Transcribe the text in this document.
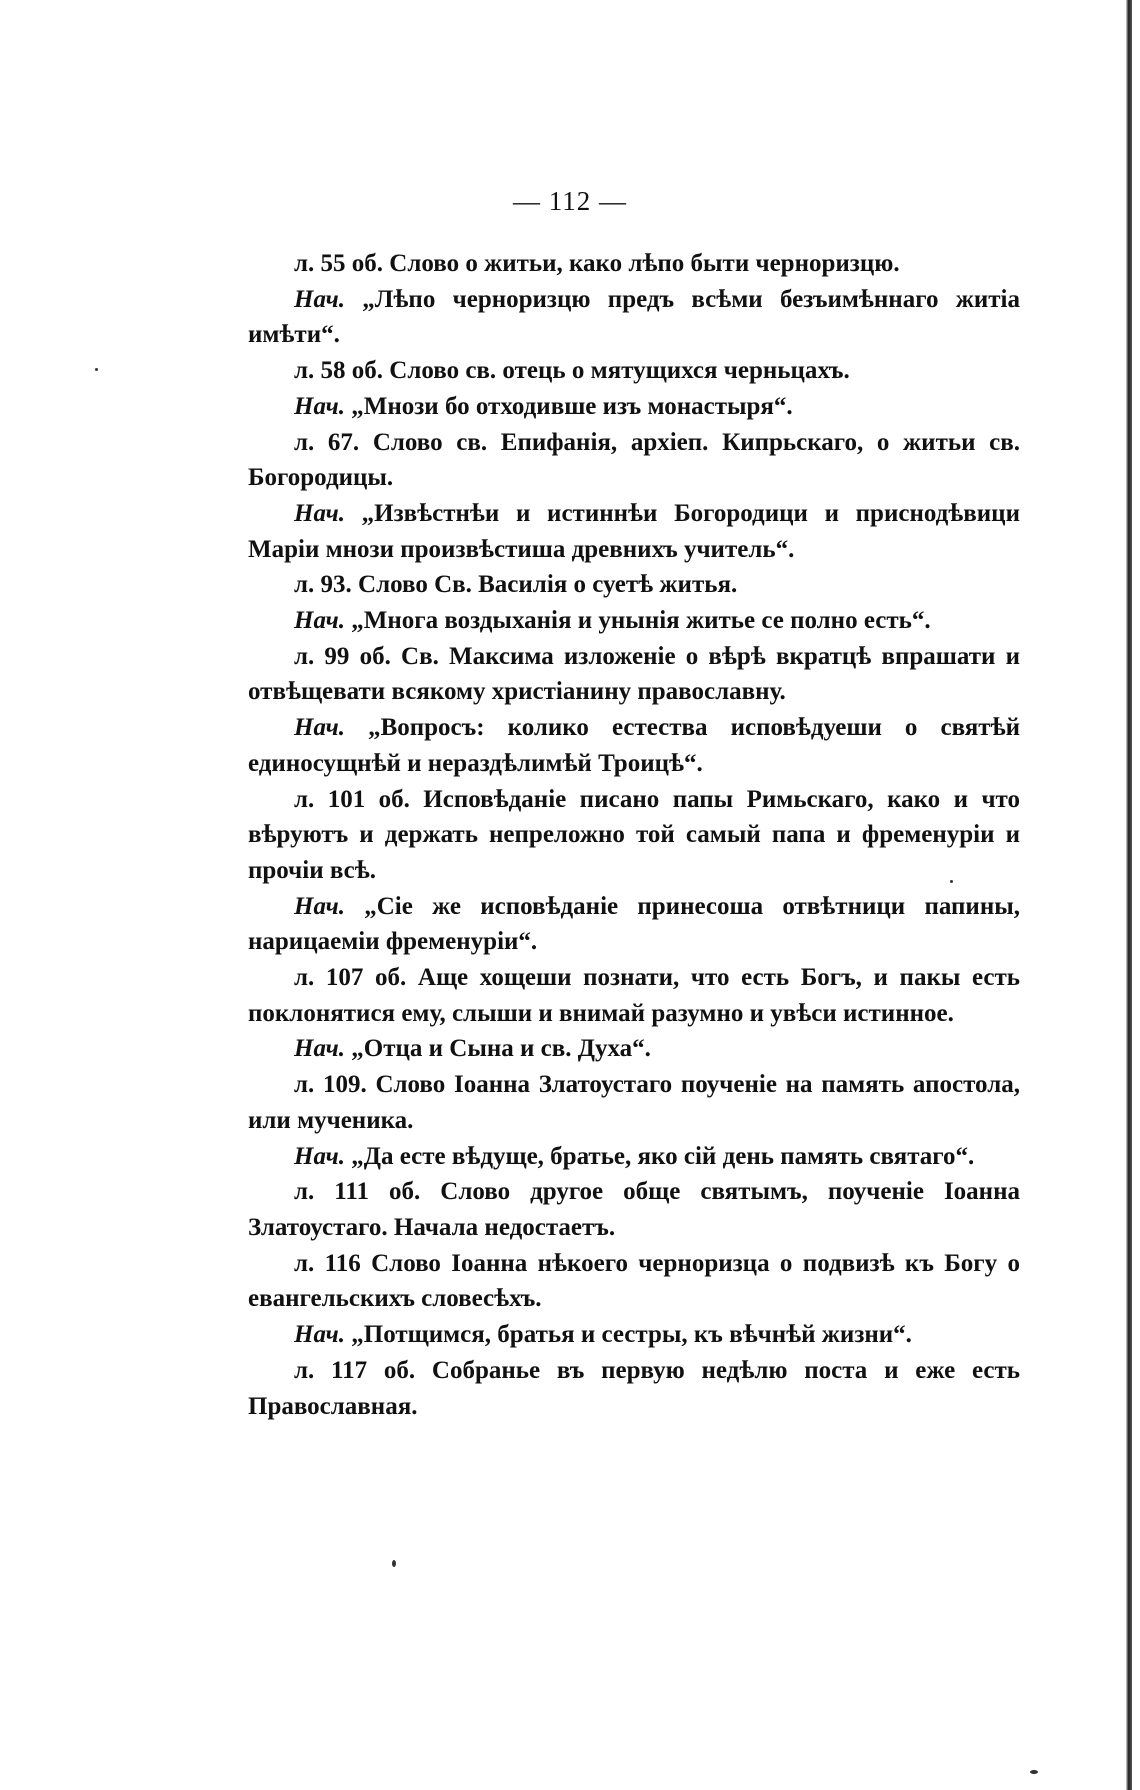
— 112 —

л. 55 об. Слово о житьи, како лѣпо быти черноризцю.

Нач. „Лѣпо черноризцю предъ всѣми безъимѣннаго житіа имѣти“.

л. 58 об. Слово св. отець о мятущихся черньцахъ.

Нач. „Мнози бо отходивше изъ монастыря“.

л. 67. Слово св. Епифанія, архіеп. Кипрьскаго, о житьи св. Богородицы.

Нач. „Извѣстнѣи и истиннѣи Богородици и приснодѣвици Маріи мнози произвѣстиша древнихъ учитель“.

л. 93. Слово Св. Василія о суетѣ житья.

Нач. „Многа воздыханія и унынія житье се полно есть“.

л. 99 об. Св. Максима изложеніе о вѣрѣ вкратцѣ впрашати и отвѣщевати всякому христіанину православну.

Нач. „Вопросъ: колико естества исповѣдуеши о святѣй единосущнѣй и нераздѣлимѣй Троицѣ“.

л. 101 об. Исповѣданіе писано папы Римьскаго, како и что вѣруютъ и держать непреложно той самый папа и фременуріи и прочіи всѣ.

Нач. „Сіе же исповѣданіе принесоша отвѣтници папины, нарицаеміи фременуріи“.

л. 107 об. Аще хощеши познати, что есть Богъ, и пакы есть поклонятися ему, слыши и внимай разумно и увѣси истинное.

Нач. „Отца и Сына и св. Духа“.

л. 109. Слово Іоанна Златоустаго поученіе на память апостола, или мученика.

Нач. „Да есте вѣдуще, братье, яко сій день память святаго“.

л. 111 об. Слово другое обще святымъ, поученіе Іоанна Златоустаго. Начала недостаетъ.

л. 116 Слово Іоанна нѣкоего черноризца о подвизѣ къ Богу о евангельскихъ словесѣхъ.

Нач. „Потщимся, братья и сестры, къ вѣчнѣй жизни“.

л. 117 об. Собранье въ первую недѣлю поста и еже есть Православная.
